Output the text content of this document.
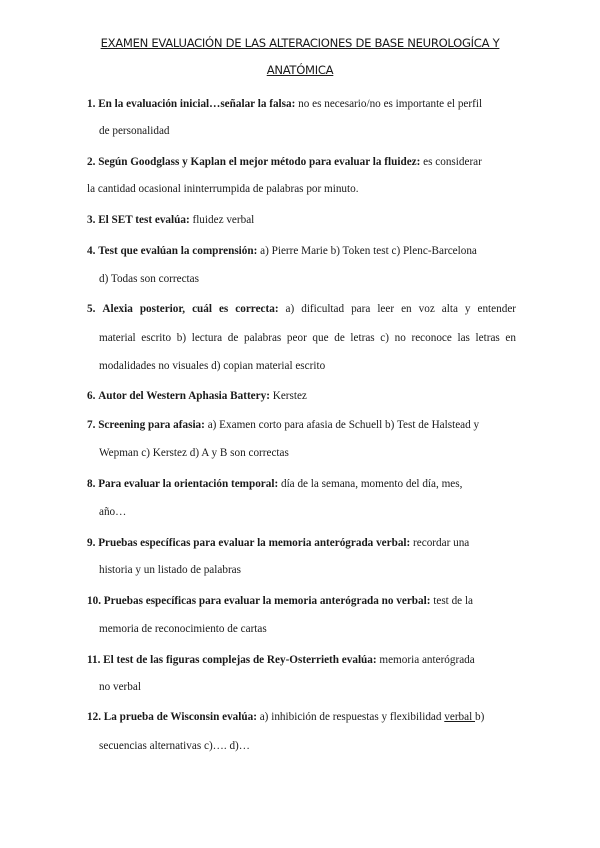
EXAMEN EVALUACIÓN DE LAS ALTERACIONES DE BASE NEUROLOGÍCA Y
ANATÓMICA
1. En la evaluación inicial…señalar la falsa: no es necesario/no es importante el perfil
de personalidad
2. Según Goodglass y Kaplan el mejor método para evaluar la fluidez: es considerar
la cantidad ocasional ininterrumpida de palabras por minuto.
3. El SET test evalúa: fluidez verbal
4. Test que evalúan la comprensión: a) Pierre Marie b) Token test c) Plenc-Barcelona
d) Todas son correctas
5. Alexia posterior, cuál es correcta: a) dificultad para leer en voz alta y entender
material escrito b) lectura de palabras peor que de letras c) no reconoce las letras en
modalidades no visuales d) copian material escrito
6. Autor del Western Aphasia Battery: Kerstez
7. Screening para afasia: a) Examen corto para afasia de Schuell b) Test de Halstead y
Wepman c) Kerstez d) A y B son correctas
8. Para evaluar la orientación temporal: día de la semana, momento del día, mes,
año…
9. Pruebas específicas para evaluar la memoria anterógrada verbal: recordar una
historia y un listado de palabras
10. Pruebas específicas para evaluar la memoria anterógrada no verbal: test de la
memoria de reconocimiento de cartas
11. El test de las figuras complejas de Rey-Osterrieth evalúa: memoria anterógrada
no verbal
12. La prueba de Wisconsin evalúa: a) inhibición de respuestas y flexibilidad verbal b)
secuencias alternativas c)…. d)…
